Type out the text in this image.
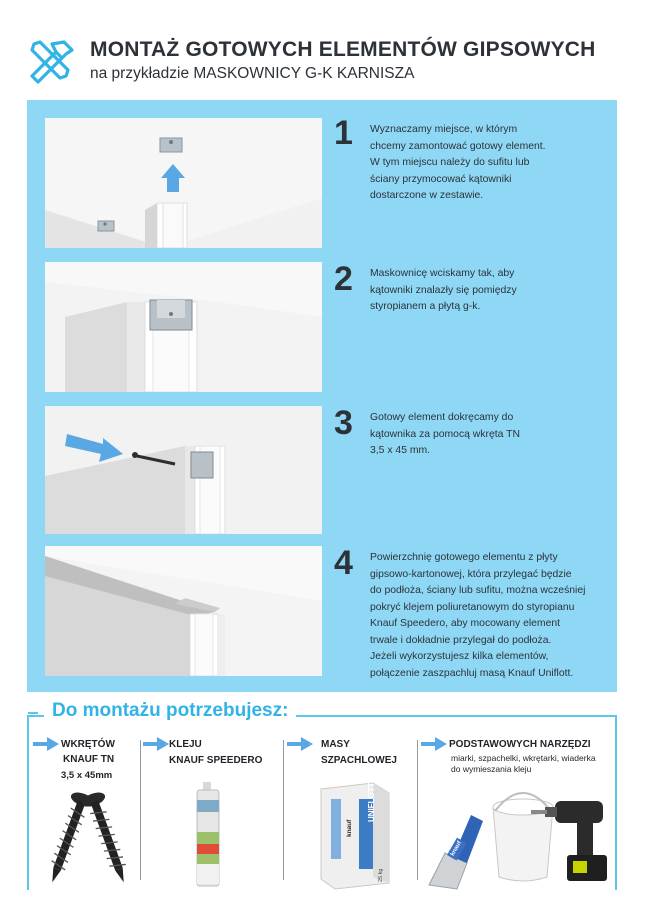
MONTAŻ GOTOWYCH ELEMENTÓW GIPSOWYCH
na przykładzie MASKOWNICY G-K KARNISZA
1 Wyznaczamy miejsce, w którym
chcemy zamontować gotowy element.
W tym miejscu należy do sufitu lub
ściany przymocować kątowniki
dostarczone w zestawie.
2 Maskownicę wciskamy tak, aby
kątowniki znalazły się pomiędzy
styropianem a płytą g-k.
3 Gotowy element dokręcamy do
kątownika za pomocą wkręta TN
3,5 x 45 mm.
4 Powierzchnię gotowego elementu z płyty
gipsowo-kartonowej, która przylegać będzie
do podłoża, ściany lub sufitu, można wcześniej
pokryć klejem poliuretanowym do styropianu
Knauf Speedero, aby mocowany element
trwale i dokładnie przylegał do podłoża.
Jeżeli wykorzystujesz kilka elementów,
połączenie zaszpachluj masą Knauf Uniflott.
Do montażu potrzebujesz:
WKRĘTÓW
KNAUF TN
3,5 x 45mm
KLEJU
KNAUF SPEEDERO
MASY
SZPACHLOWEJ
UNIFLOTT
knauf
25 kg
PODSTAWOWYCH NARZĘDZI
miarki, szpachelki, wkrętarki, wiaderka
do wymieszania kleju
knauf
